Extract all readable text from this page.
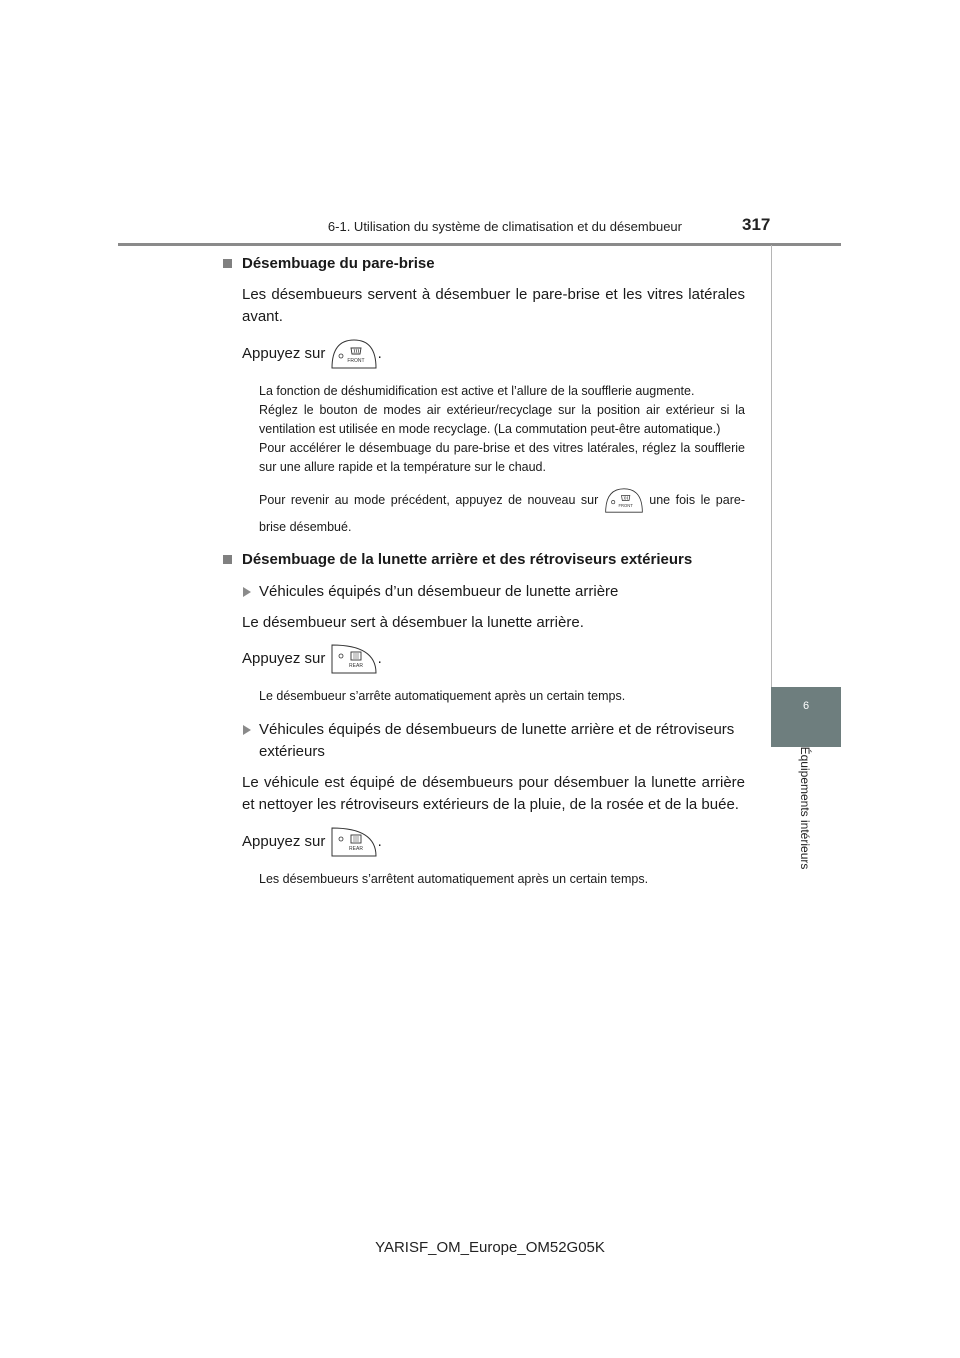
6-1. Utilisation du système de climatisation et du désembueur	317
6
Équipements intérieurs
Désembuage du pare-brise
Les désembueurs servent à désembuer le pare-brise et les vitres latérales avant.
Appuyez sur	FRONT .
La fonction de déshumidification est active et l’allure de la soufflerie augmente.
Réglez le bouton de modes air extérieur/recyclage sur la position air extérieur si la ventilation est utilisée en mode recyclage. (La commutation peut-être automatique.)
Pour accélérer le désembuage du pare-brise et des vitres latérales, réglez la soufflerie sur une allure rapide et la température sur le chaud.
Pour revenir au mode précédent, appuyez de nouveau sur	FRONT une fois le pare-brise désembué.
Désembuage de la lunette arrière et des rétroviseurs extérieurs
Véhicules équipés d’un désembueur de lunette arrière
Le désembueur sert à désembuer la lunette arrière.
Appuyez sur	REAR .
Le désembueur s’arrête automatiquement après un certain temps.
Véhicules équipés de désembueurs de lunette arrière et de rétroviseurs extérieurs
Le véhicule est équipé de désembueurs pour désembuer la lunette arrière et nettoyer les rétroviseurs extérieurs de la pluie, de la rosée et de la buée.
Appuyez sur	REAR .
Les désembueurs s’arrêtent automatiquement après un certain temps.
YARISF_OM_Europe_OM52G05K
